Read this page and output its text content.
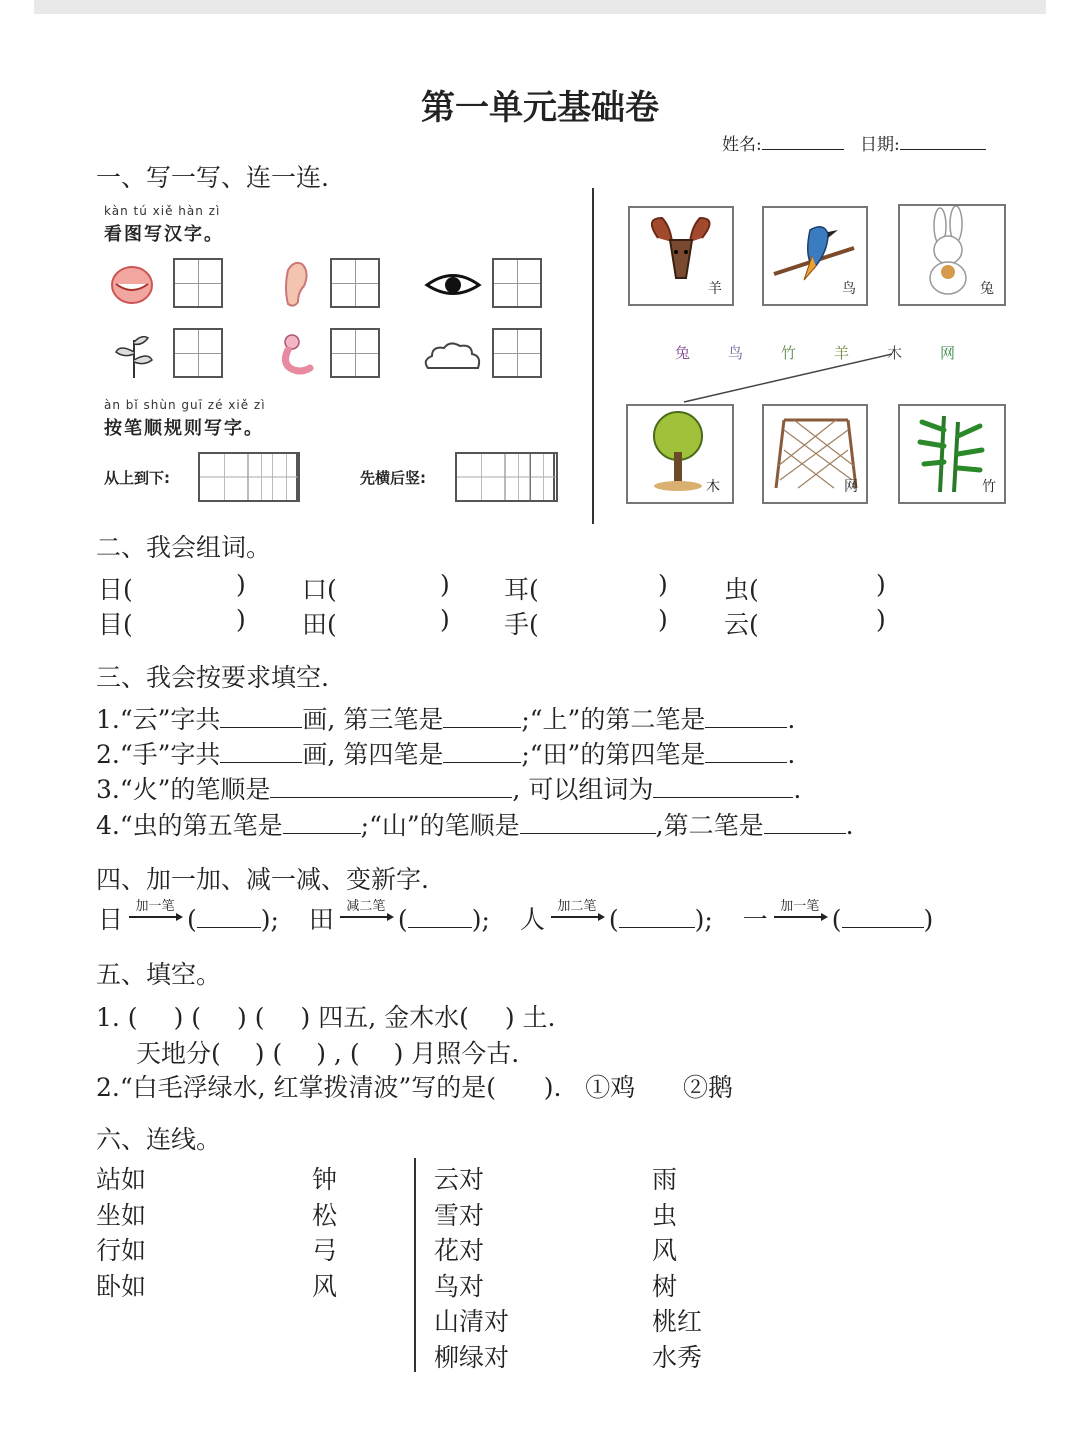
第一单元基础卷
姓名:	日期:
一、写一写、连一连.
kàn tú xiě hàn zì
看图写汉字。
àn bǐ shùn guī zé xiě zì
按笔顺规则写字。
从上到下:	先横后竖:
羊	鸟	兔
兔	鸟	竹	羊	木	网
木	网	竹
二、我会组词。
日(	) 口(	) 耳(	) 虫(	)
目(	) 田(	) 手(	) 云(	)
三、我会按要求填空.
1.“云”字共	画, 第三笔是	;“上”的第二笔是	.
2.“手”字共	画, 第四笔是	;“田”的第四笔是	.
3.“火”的笔顺是	, 可以组词为	.
4.“虫的第五笔是	;“山”的笔顺是	,第二笔是	.
四、加一加、减一减、变新字.
日 加一笔 (	); 田 减二笔 (	); 人 加二笔 (	); 一 加一笔 (	)
五、填空。
1. ( ) ( ) ( ) 四五, 金木水( ) 土.
天地分( ) ( ) , ( ) 月照今古.
2.“白毛浮绿水, 红掌拨清波”写的是(      ).   ①鸡      ②鹅
六、连线。
站如
坐如
行如
卧如
钟
松
弓
风
云对
雪对
花对
鸟对
山清对
柳绿对
雨
虫
风
树
桃红
水秀
